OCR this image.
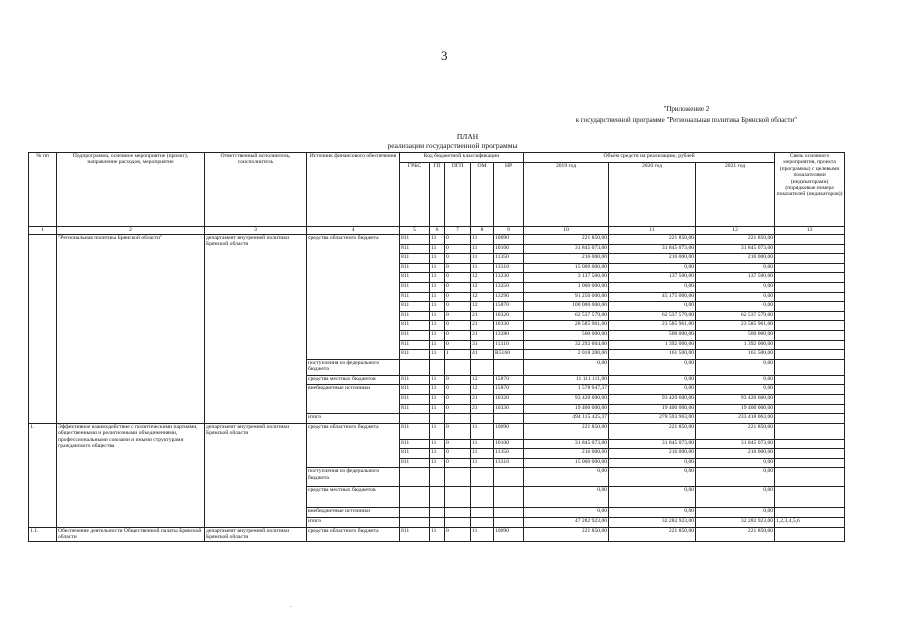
3
"Приложение 2
к государственной программе "Региональная политика Брянской области"
ПЛАН
реализации государственной программы
№ пп	Подпрограмма, основное мероприятие (проект), направление расходов, мероприятие	Ответственный исполнитель, соисполнитель	Источник финансового обеспечения	Код бюджетной классификации					Объём средств на реализацию, рублей			Связь основного мероприятия, проекта (программы) с целевыми показателями (индикаторами) (порядковые номера показателей (индикаторов))
				ГРБС	ГП	ПГП	ОМ	НР	2019 год	2020 год	2021 год	
1	2	3	4	5	6	7	8	9	10	11	12	13
	"Региональная политика Брянской области"	департамент внутренней политики Брянской области	средства областного бюджета	811	11	0	11	10090	221 850,00	221 850,00	221 850,00	
				811	11	0	11	10100	31 845 073,00	31 845 073,00	31 845 073,00	
				811	11	0	11	11350	216 000,00	216 000,00	216 000,00	
				811	11	0	11	13310	15 000 000,00	0,00	0,00	
				811	11	0	12	13230	3 137 500,00	137 500,00	137 500,00	
				811	11	0	12	13250	1 000 000,00	0,00	0,00	
				811	11	0	12	13290	91 250 000,00	45 175 000,00	0,00	
				811	11	0	12	15870	100 000 000,00	0,00	0,00	
				811	11	0	21	10320	62 537 579,00	62 537 579,00	62 537 579,00	
				811	11	0	21	10330	28 585 961,00	23 585 961,00	23 585 961,00	
				811	11	0	21	13280	500 000,00	500 000,00	500 000,00	
				811	11	0	31	11310	32 292 604,00	1 392 000,00	1 392 000,00	
				811	11	1	41	R5160	2 018 200,00	161 500,00	161 500,00	
			поступления из федерального бюджета						0,00	0,00	0,00	
			средства местных бюджетов	811	11	0	12	15870	11 111 111,00	0,00	0,00	
			внебюджетные источники	811	11	0	12	15870	1 578 947,37	0,00	0,00	
				811	11	0	21	10320	93 420 600,00	93 420 600,00	93 420 600,00	
				811	11	0	21	10330	19 400 000,00	19 400 000,00	19 400 000,00	
			итого						494 115 425,37	278 593 963,00	233 418 063,00	
1.	Эффективное взаимодействие с политическими партиями, общественными и религиозными объединениями, профессиональными союзами и иными структурами гражданского общества	департамент внутренней политики Брянской области	средства областного бюджета	811	11	0	11	10090	221 850,00	221 850,00	221 850,00	
				811	11	0	11	10100	31 845 073,00	31 845 073,00	31 845 073,00	
				811	11	0	11	11350	216 000,00	216 000,00	216 000,00	
				811	11	0	11	13310	15 000 000,00	0,00	0,00	
			поступления из федерального бюджета						0,00	0,00	0,00	
			средства местных бюджетов						0,00	0,00	0,00	
			внебюджетные источники						0,00	0,00	0,00	
			итого						47 282 923,00	32 282 923,00	32 282 923,00	1,2,3,4,5,6
1.1.	Обеспечение деятельности Общественной палаты Брянской области	департамент внутренней политики Брянской области	средства областного бюджета	811	11	0	11	10090	221 850,00	221 850,00	221 850,00	
.
